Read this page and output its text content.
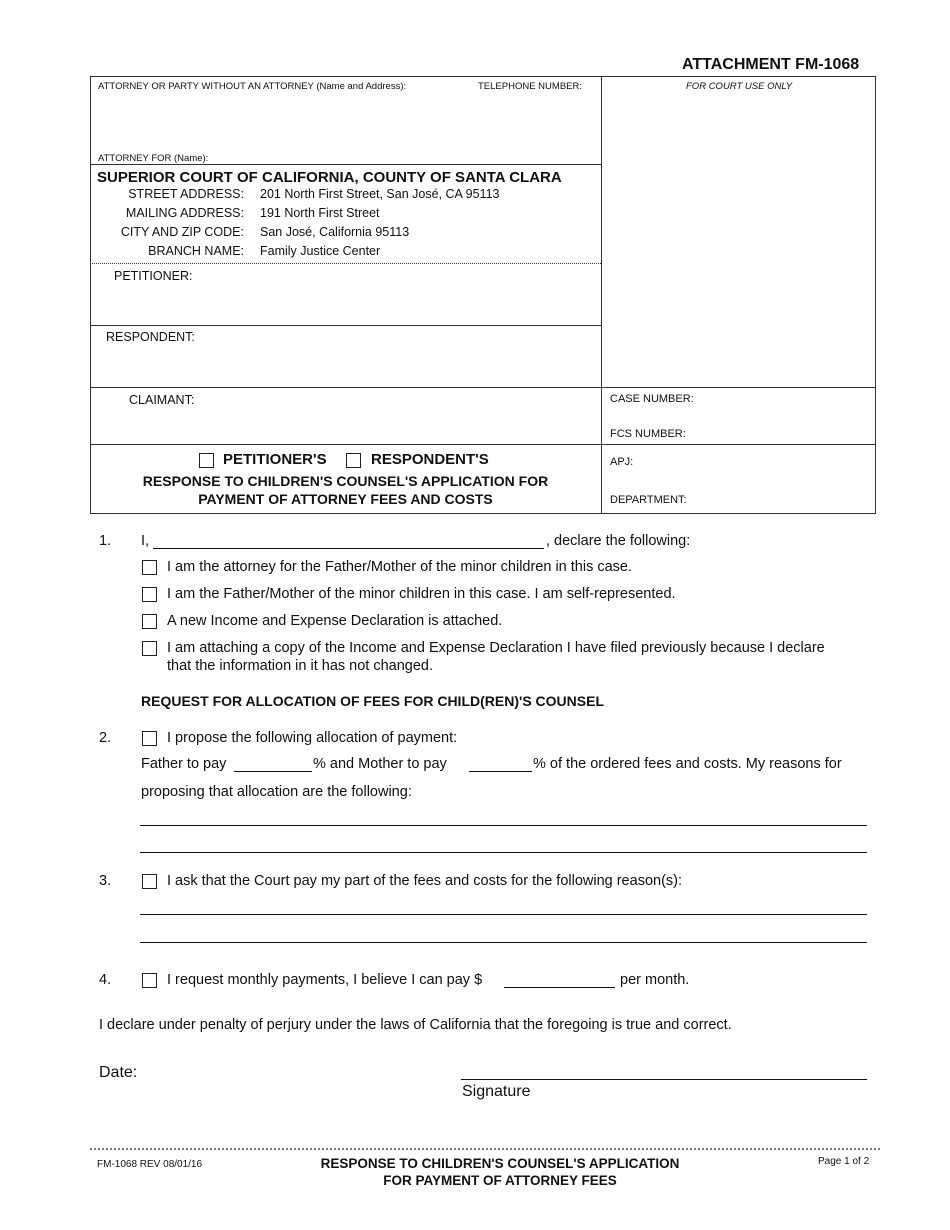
ATTACHMENT FM-1068
ATTORNEY OR PARTY WITHOUT AN ATTORNEY (Name and Address):	TELEPHONE NUMBER:
ATTORNEY FOR (Name):
FOR COURT USE ONLY
SUPERIOR COURT OF CALIFORNIA, COUNTY OF SANTA CLARA
STREET ADDRESS: 201 North First Street, San José, CA 95113
MAILING ADDRESS: 191 North First Street
CITY AND ZIP CODE: San José, California 95113
BRANCH NAME: Family Justice Center
PETITIONER:
RESPONDENT:
CLAIMANT:	CASE NUMBER:
FCS NUMBER:
APJ:
DEPARTMENT:
PETITIONER'S	RESPONDENT'S
RESPONSE TO CHILDREN'S COUNSEL'S APPLICATION FOR
PAYMENT OF ATTORNEY FEES AND COSTS
1. I,	, declare the following:
I am the attorney for the Father/Mother of the minor children in this case.
I am the Father/Mother of the minor children in this case. I am self-represented.
A new Income and Expense Declaration is attached.
I am attaching a copy of the Income and Expense Declaration I have filed previously because I declare
that the information in it has not changed.
REQUEST FOR ALLOCATION OF FEES FOR CHILD(REN)'S COUNSEL
2.	I propose the following allocation of payment:
Father to pay	% and Mother to pay	% of the ordered fees and costs. My reasons for
proposing that allocation are the following:
3.	I ask that the Court pay my part of the fees and costs for the following reason(s):
4.	I request monthly payments, I believe I can pay $	per month.
I declare under penalty of perjury under the laws of California that the foregoing is true and correct.
Date:
Signature
FM-1068 REV 08/01/16	RESPONSE TO CHILDREN'S COUNSEL'S APPLICATION
FOR PAYMENT OF ATTORNEY FEES
Page 1 of 2
